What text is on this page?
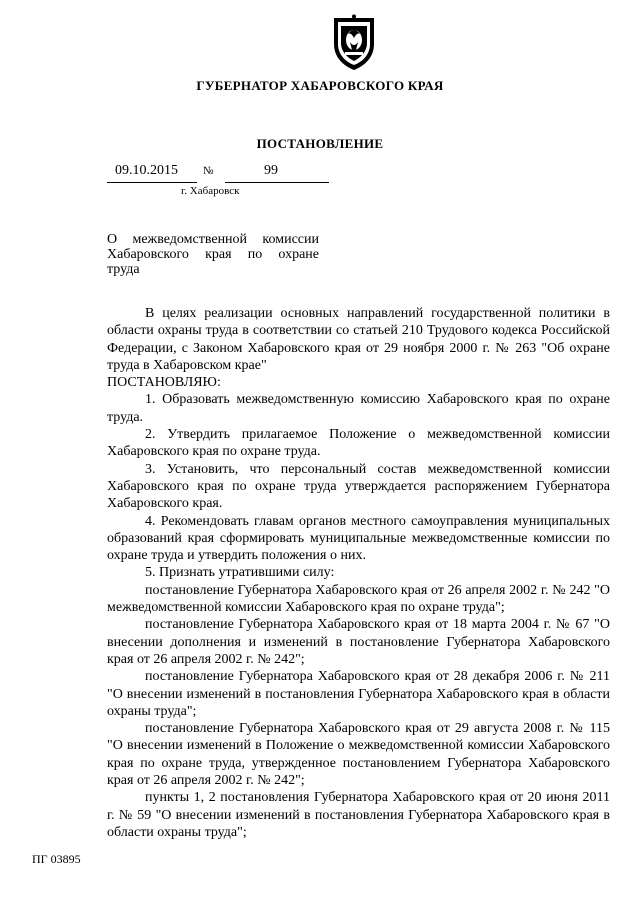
ГУБЕРНАТОР ХАБАРОВСКОГО КРАЯ
ПОСТАНОВЛЕНИЕ
09.10.2015 №	99
г. Хабаровск
О межведомственной комиссии
Хабаровского края по охране
труда

В целях реализации основных направлений государственной политики в области охраны труда в соответствии со статьей 210 Трудового кодекса Российской Федерации, с Законом Хабаровского края от 29 ноября 2000 г. № 263 "Об охране труда в Хабаровском крае"

ПОСТАНОВЛЯЮ:

1. Образовать межведомственную комиссию Хабаровского края по охране труда.

2. Утвердить прилагаемое Положение о межведомственной комиссии Хабаровского края по охране труда.

3. Установить, что персональный состав межведомственной комиссии Хабаровского края по охране труда утверждается распоряжением Губернатора Хабаровского края.

4. Рекомендовать главам органов местного самоуправления муниципальных образований края сформировать муниципальные межведомственные комиссии по охране труда и утвердить положения о них.

5. Признать утратившими силу:

постановление Губернатора Хабаровского края от 26 апреля 2002 г. № 242 "О межведомственной комиссии Хабаровского края по охране труда";

постановление Губернатора Хабаровского края от 18 марта 2004 г. № 67 "О внесении дополнения и изменений в постановление Губернатора Хабаровского края от 26 апреля 2002 г. № 242";

постановление Губернатора Хабаровского края от 28 декабря 2006 г. № 211 "О внесении изменений в постановления Губернатора Хабаровского края в области охраны труда";

постановление Губернатора Хабаровского края от 29 августа 2008 г. № 115 "О внесении изменений в Положение о межведомственной комиссии Хабаровского края по охране труда, утвержденное постановлением Губернатора Хабаровского края от 26 апреля 2002 г. № 242";

пункты 1, 2 постановления Губернатора Хабаровского края от 20 июня 2011 г. № 59 "О внесении изменений в постановления Губернатора Хабаровского края в области охраны труда";

ПГ 03895
